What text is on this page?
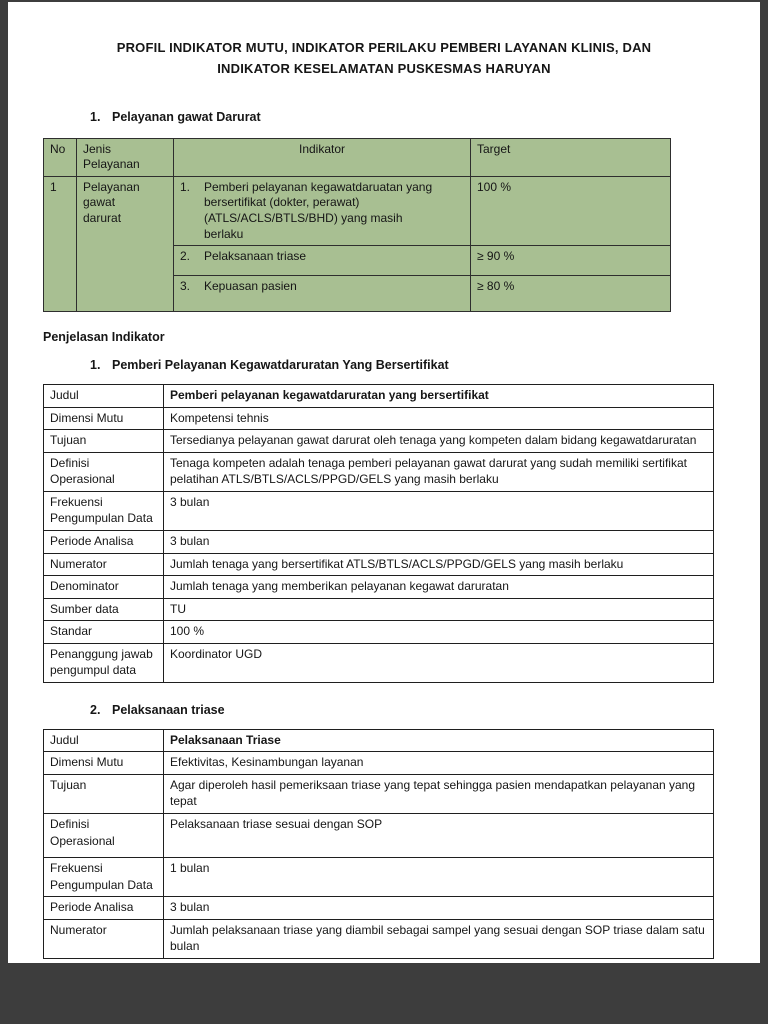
PROFIL INDIKATOR MUTU, INDIKATOR PERILAKU PEMBERI LAYANAN KLINIS, DAN
INDIKATOR KESELAMATAN PUSKESMAS HARUYAN
1. Pelayanan gawat Darurat
No	Jenis Pelayanan	Indikator	Target
1	Pelayanan gawat darurat	1. Pemberi pelayanan kegawatdaruatan yang bersertifikat (dokter, perawat) (ATLS/ACLS/BTLS/BHD) yang masih berlaku	100 %

		2. Pelaksanaan triase	≥ 90 %

		3. Kepuasan pasien	≥ 80 %
Penjelasan Indikator
1. Pemberi Pelayanan Kegawatdaruratan Yang Bersertifikat
Judul	Pemberi pelayanan kegawatdaruratan yang bersertifikat
Dimensi Mutu	Kompetensi tehnis
Tujuan	Tersedianya pelayanan gawat darurat oleh tenaga yang kompeten dalam bidang kegawatdaruratan
Definisi Operasional	Tenaga kompeten adalah tenaga pemberi pelayanan gawat darurat yang sudah memiliki sertifikat pelatihan ATLS/BTLS/ACLS/PPGD/GELS yang masih berlaku
Frekuensi Pengumpulan Data	3 bulan
Periode Analisa	3 bulan
Numerator	Jumlah tenaga yang bersertifikat ATLS/BTLS/ACLS/PPGD/GELS yang masih berlaku
Denominator	Jumlah tenaga yang memberikan pelayanan kegawat daruratan
Sumber data	TU
Standar	100 %
Penanggung jawab pengumpul data	Koordinator UGD
2. Pelaksanaan triase
Judul	Pelaksanaan Triase
Dimensi Mutu	Efektivitas, Kesinambungan layanan
Tujuan	Agar diperoleh hasil pemeriksaan triase yang tepat sehingga pasien mendapatkan pelayanan yang tepat
Definisi Operasional	Pelaksanaan triase sesuai dengan SOP
Frekuensi Pengumpulan Data	1 bulan
Periode Analisa	3 bulan
Numerator	Jumlah pelaksanaan triase yang diambil sebagai sampel yang sesuai dengan SOP triase dalam satu bulan
